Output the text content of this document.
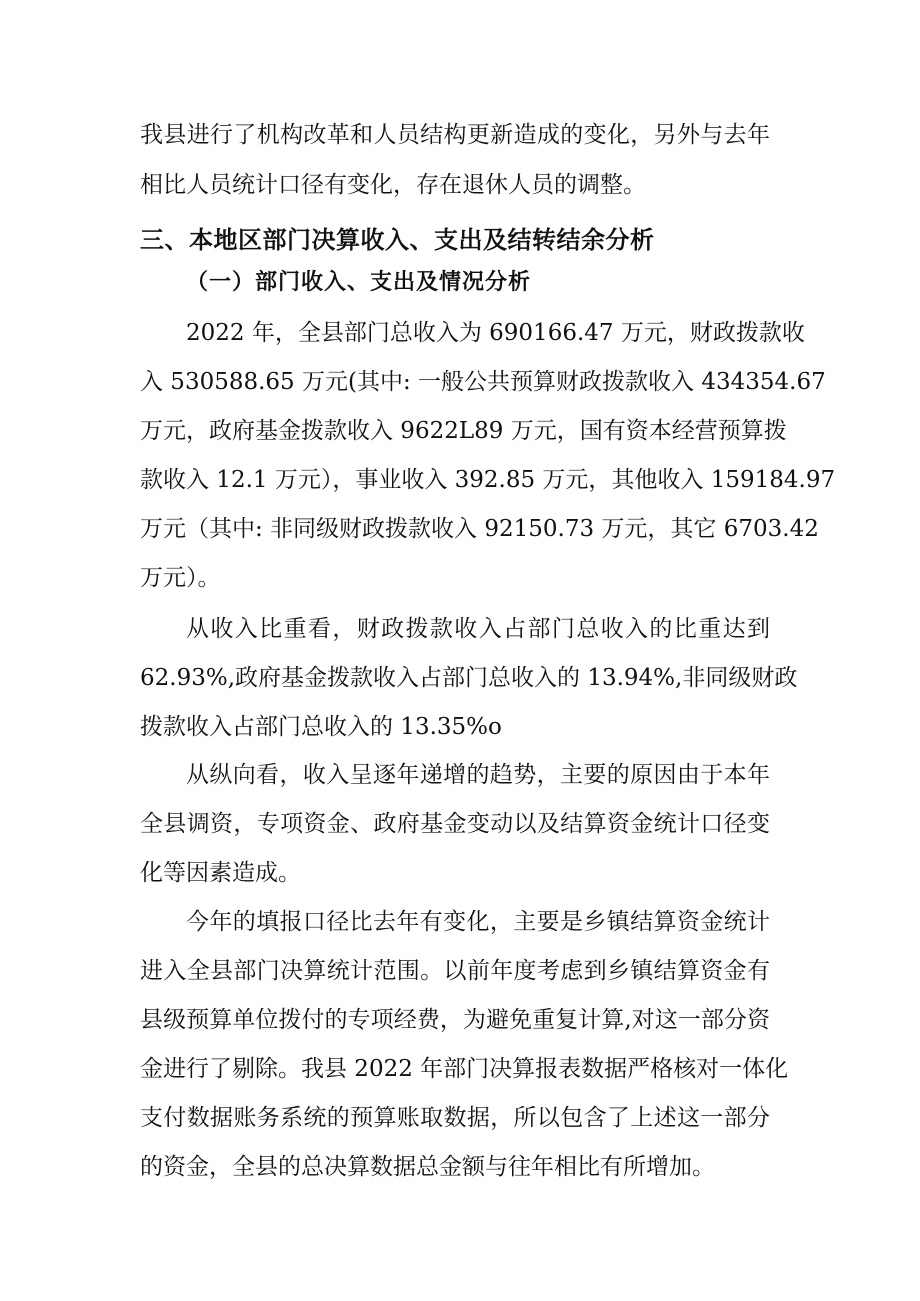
我县进行了机构改革和人员结构更新造成的变化，另外与去年

相比人员统计口径有变化，存在退休人员的调整。

三、本地区部门决算收入、支出及结转结余分析

（一）部门收入、支出及情况分析

2022 年，全县部门总收入为 690166.47 万元，财政拨款收

入 530588.65 万元(其中: 一般公共预算财政拨款收入 434354.67

万元，政府基金拨款收入 9622L89 万元，国有资本经营预算拨

款收入 12.1 万元），事业收入 392.85 万元，其他收入 159184.97

万元（其中: 非同级财政拨款收入 92150.73 万元，其它 6703.42

万元）。

从收入比重看，财政拨款收入占部门总收入的比重达到

62.93%,政府基金拨款收入占部门总收入的 13.94%,非同级财政

拨款收入占部门总收入的 13.35%o

从纵向看，收入呈逐年递增的趋势，主要的原因由于本年

全县调资，专项资金、政府基金变动以及结算资金统计口径变

化等因素造成。

今年的填报口径比去年有变化，主要是乡镇结算资金统计

进入全县部门决算统计范围。以前年度考虑到乡镇结算资金有

县级预算单位拨付的专项经费，为避免重复计算,对这一部分资

金进行了剔除。我县 2022 年部门决算报表数据严格核对一体化

支付数据账务系统的预算账取数据，所以包含了上述这一部分

的资金，全县的总决算数据总金额与往年相比有所增加。
